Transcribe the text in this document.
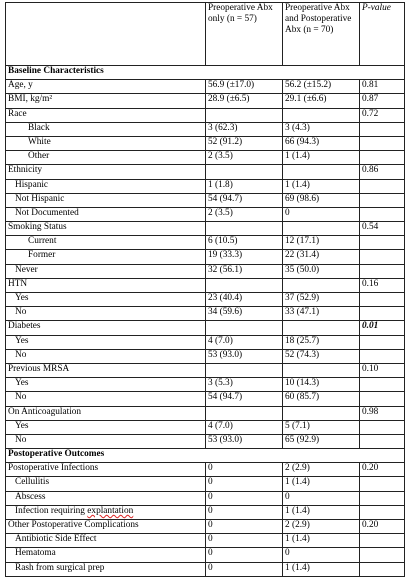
	Preoperative Abx only (n = 57)	Preoperative Abx and Postoperative Abx (n = 70)	P-value
Baseline Characteristics			
Age, y	56.9 (±17.0)	56.2 (±15.2)	0.81
BMI, kg/m²	28.9 (±6.5)	29.1 (±6.6)	0.87
Race			0.72
Black	3 (62.3)	3 (4.3)	
White	52 (91.2)	66 (94.3)	
Other	2 (3.5)	1 (1.4)	
Ethnicity			0.86
Hispanic	1 (1.8)	1 (1.4)	
Not Hispanic	54 (94.7)	69 (98.6)	
Not Documented	2 (3.5)	0	
Smoking Status			0.54
Current	6 (10.5)	12 (17.1)	
Former	19 (33.3)	22 (31.4)	
Never	32 (56.1)	35 (50.0)	
HTN			0.16
Yes	23 (40.4)	37 (52.9)	
No	34 (59.6)	33 (47.1)	
Diabetes			0.01
Yes	4 (7.0)	18 (25.7)	
No	53 (93.0)	52 (74.3)	
Previous MRSA			0.10
Yes	3 (5.3)	10 (14.3)	
No	54 (94.7)	60 (85.7)	
On Anticoagulation			0.98
Yes	4 (7.0)	5 (7.1)	
No	53 (93.0)	65 (92.9)	
Postoperative Outcomes			
Postoperative Infections	0	2 (2.9)	0.20
Cellulitis	0	1 (1.4)	
Abscess	0	0	
Infection requiring explantation	0	1 (1.4)	
Other Postoperative Complications	0	2 (2.9)	0.20
Antibiotic Side Effect	0	1 (1.4)	
Hematoma	0	0	
Rash from surgical prep	0	1 (1.4)	
